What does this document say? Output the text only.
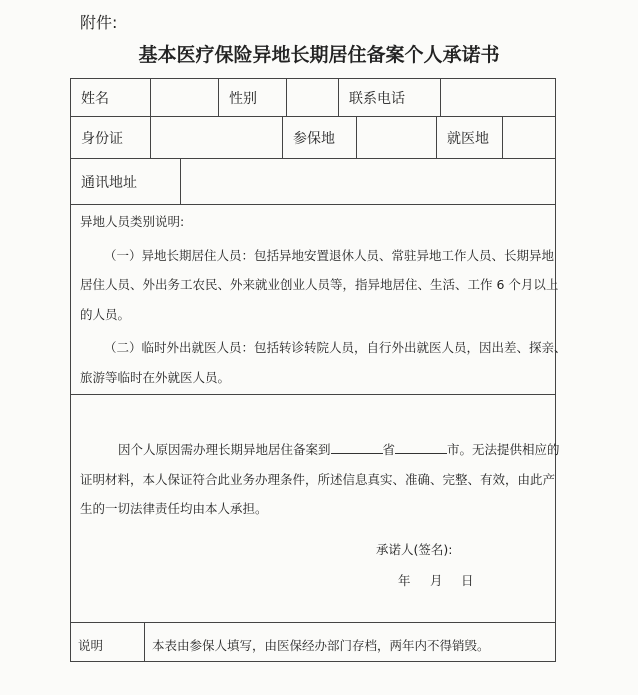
附件:
基本医疗保险异地长期居住备案个人承诺书
姓名	性别	联系电话
身份证	参保地	就医地
通讯地址
异地人员类别说明:
（一）异地长期居住人员：包括异地安置退休人员、常驻异地工作人员、长期异地
居住人员、外出务工农民、外来就业创业人员等，指异地居住、生活、工作 6 个月以上
的人员。
（二）临时外出就医人员：包括转诊转院人员，自行外出就医人员，因出差、探亲、
旅游等临时在外就医人员。
因个人原因需办理长期异地居住备案到	省	市。无法提供相应的
证明材料，本人保证符合此业务办理条件，所述信息真实、准确、完整、有效，由此产
生的一切法律责任均由本人承担。
承诺人(签名):
年 月 日
说明	本表由参保人填写，由医保经办部门存档，两年内不得销毁。
